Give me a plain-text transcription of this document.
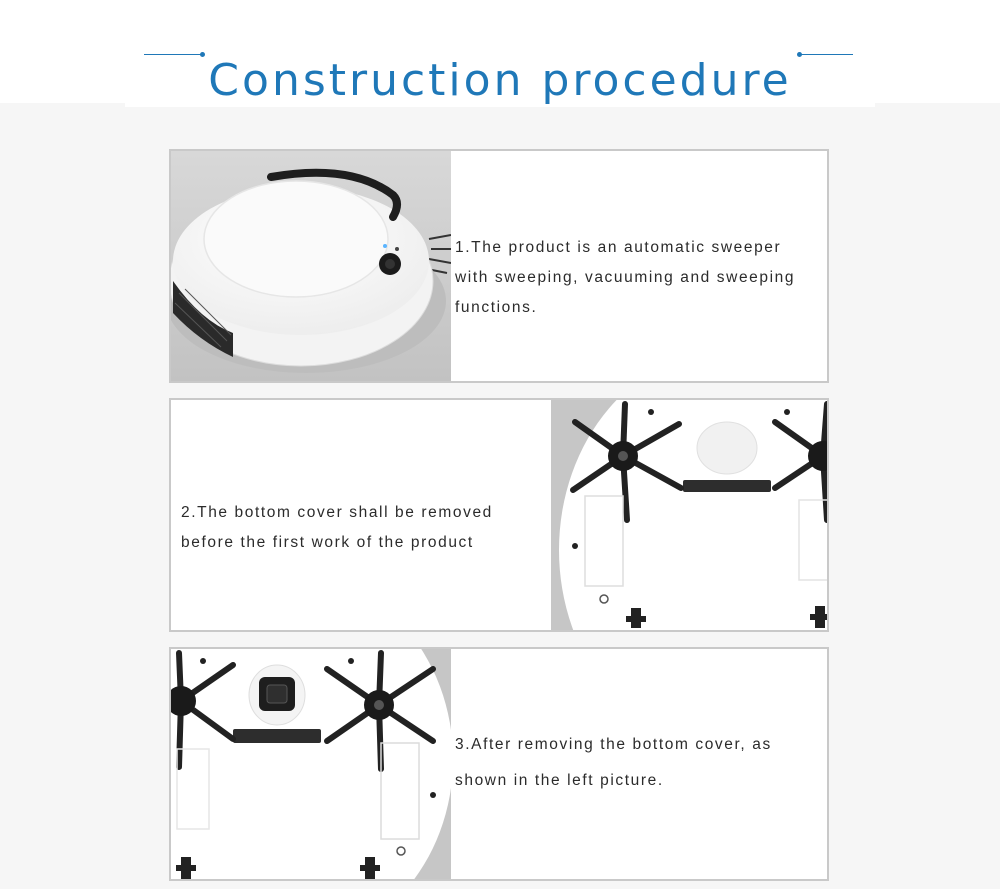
Construction procedure
1.The product is an automatic sweeper
with sweeping, vacuuming and sweeping
functions.
2.The bottom cover shall be removed
before the first work of the product
3.After removing the bottom cover, as
shown in the left picture.
